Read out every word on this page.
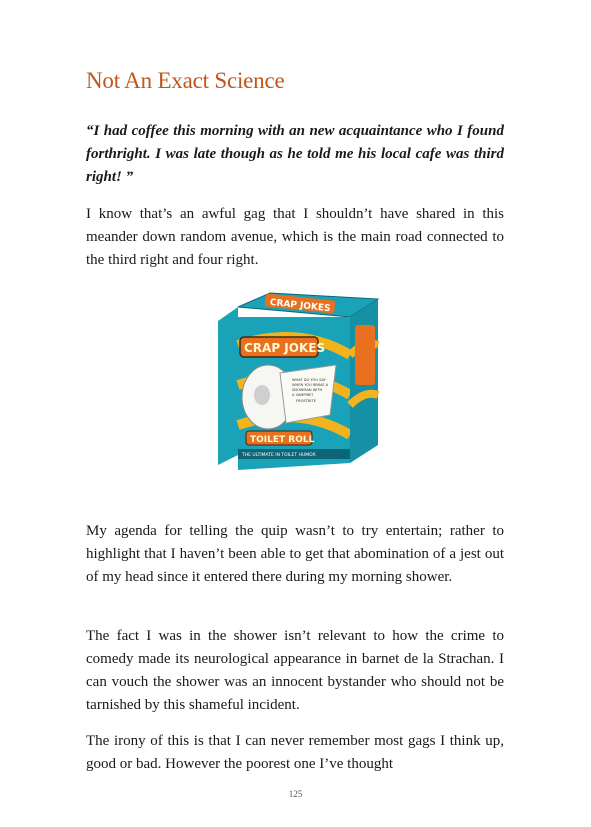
Not An Exact Science

“I had coffee this morning with an new acquaintance who I found forthright. I was late though as he told me his local cafe was third right! ”

I know that’s an awful gag that I shouldn’t have shared in this meander down random avenue, which is the main road connected to the third right and four right.

CRAP JOKES
CRAP JOKES
CRAP JOKES
WHAT DO YOU SAY WHEN YOU BRING A SNOWMAN WITH A VAMPIRE? FROSTBITE
TOILET ROLL
THE ULTIMATE IN TOILET HUMOR

My agenda for telling the quip wasn’t to try entertain; rather to highlight that I haven’t been able to get that abomination of a jest out of my head since it entered there during my morning shower.

The fact I was in the shower isn’t relevant to how the crime to comedy made its neurological appearance in barnet de la Strachan. I can vouch the shower was an innocent bystander who should not be tarnished by this shameful incident.

The irony of this is that I can never remember most gags I think up, good or bad. However the poorest one I’ve thought

125
